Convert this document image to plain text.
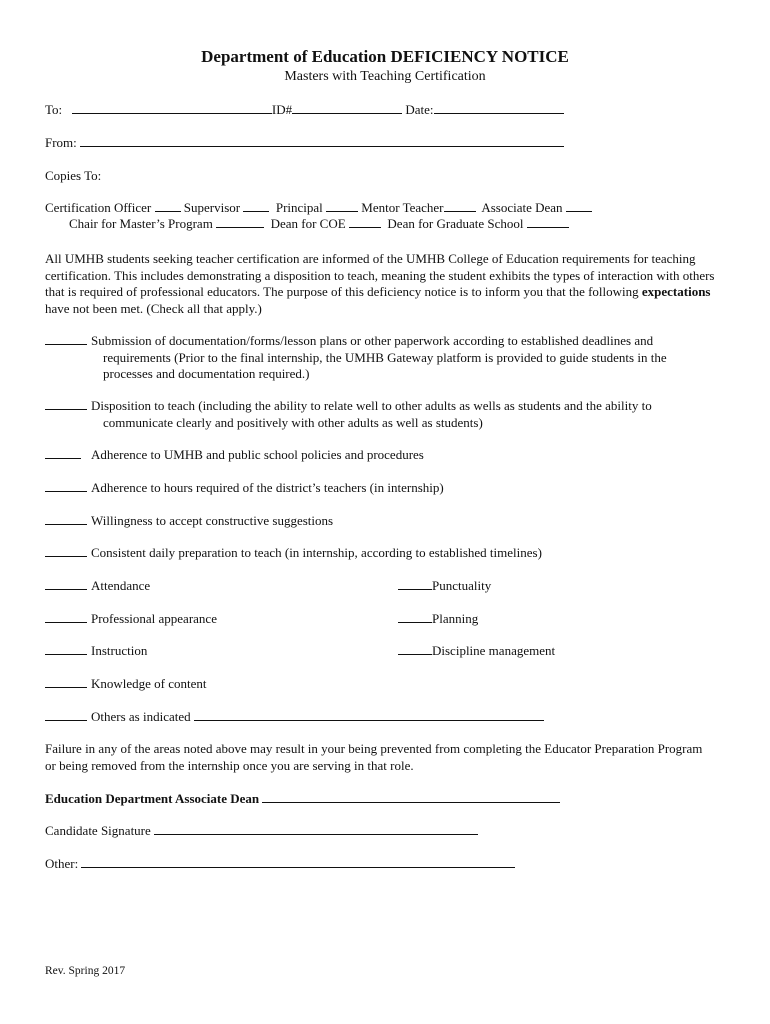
Department of Education DEFICIENCY NOTICE
Masters with Teaching Certification
To:	ID#	Date:
From:
Copies To:
Certification Officer	Supervisor	Principal	Mentor Teacher	Associate Dean
Chair for Master’s Program	Dean for COE	Dean for Graduate School
All UMHB students seeking teacher certification are informed of the UMHB College of Education requirements for teaching certification. This includes demonstrating a disposition to teach, meaning the student exhibits the types of interaction with others that is required of professional educators. The purpose of this deficiency notice is to inform you that the following expectations have not been met. (Check all that apply.)
Submission of documentation/forms/lesson plans or other paperwork according to established deadlines and
requirements (Prior to the final internship, the UMHB Gateway platform is provided to guide students in the processes and documentation required.)
Disposition to teach (including the ability to relate well to other adults as wells as students and the ability to
communicate clearly and positively with other adults as well as students)
Adherence to UMHB and public school policies and procedures
Adherence to hours required of the district’s teachers (in internship)
Willingness to accept constructive suggestions
Consistent daily preparation to teach (in internship, according to established timelines)
Attendance	Punctuality
Professional appearance	Planning
Instruction	Discipline management
Knowledge of content
Others as indicated
Failure in any of the areas noted above may result in your being prevented from completing the Educator Preparation Program or being removed from the internship once you are serving in that role.
Education Department Associate Dean
Candidate Signature
Other:
Rev. Spring 2017
